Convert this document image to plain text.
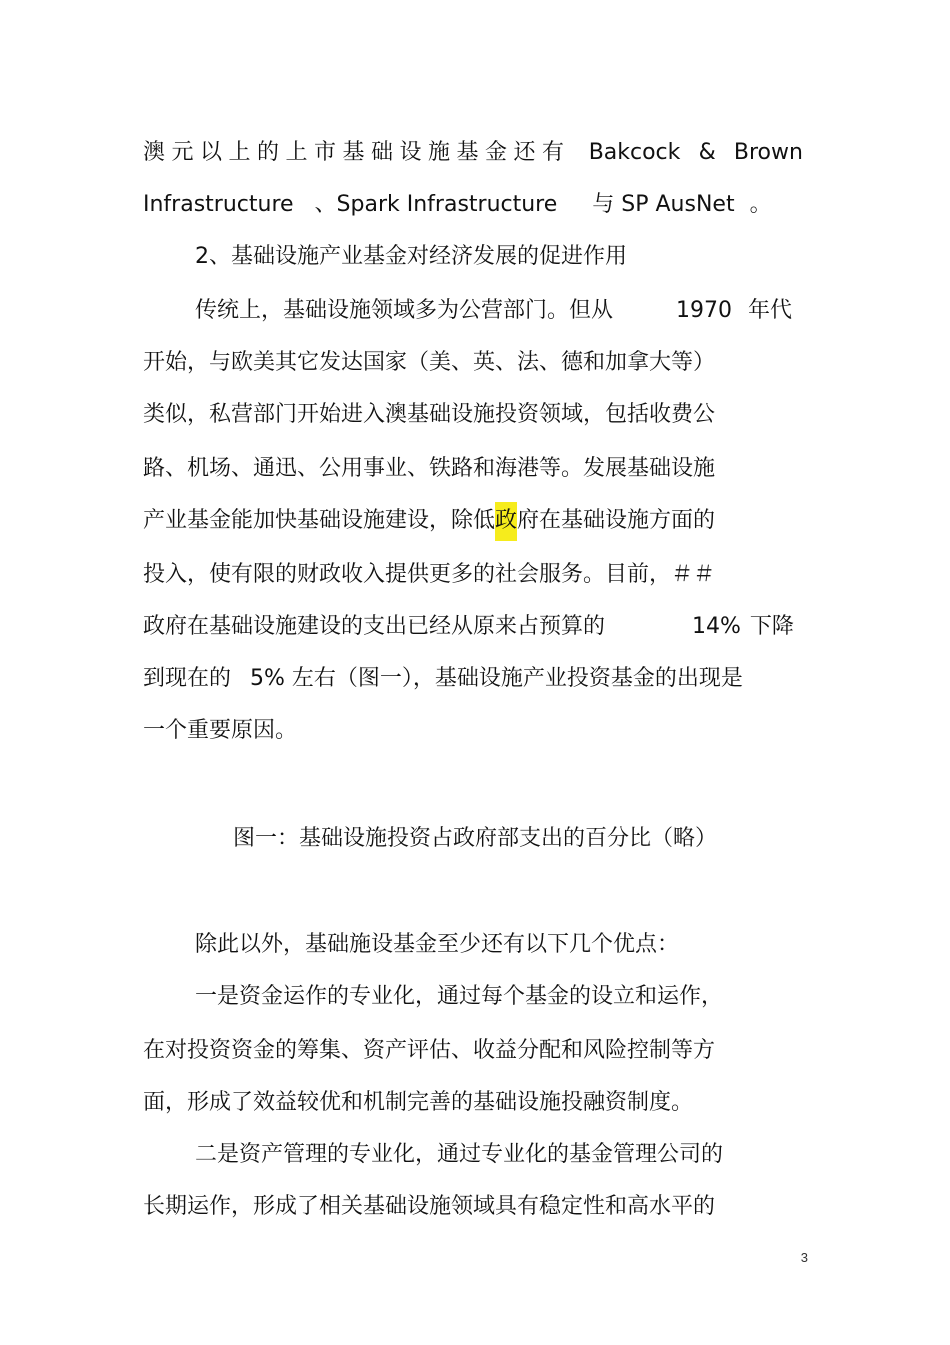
澳元以上的上市基础设施基金还有 Bakcock & Brown
Infrastructure 、Spark Infrastructure 与 SP AusNet 。
2、基础设施产业基金对经济发展的促进作用
传统上，基础设施领域多为公营部门。但从	1970 年代
开始，与欧美其它发达国家（美、英、法、德和加拿大等）
类似，私营部门开始进入澳基础设施投资领域，包括收费公
路、机场、通迅、公用事业、铁路和海港等。发展基础设施
产业基金能加快基础设施建设，除低政府在基础设施方面的
投入，使有限的财政收入提供更多的社会服务。目前，＃＃
政府在基础设施建设的支出已经从原来占预算的	14% 下降
到现在的 5% 左右（图一），基础设施产业投资基金的出现是
一个重要原因。
图一：基础设施投资占政府部支出的百分比（略）
除此以外，基础施设基金至少还有以下几个优点：
一是资金运作的专业化，通过每个基金的设立和运作，
在对投资资金的筹集、资产评估、收益分配和风险控制等方
面，形成了效益较优和机制完善的基础设施投融资制度。
二是资产管理的专业化，通过专业化的基金管理公司的
长期运作，形成了相关基础设施领域具有稳定性和高水平的
3
